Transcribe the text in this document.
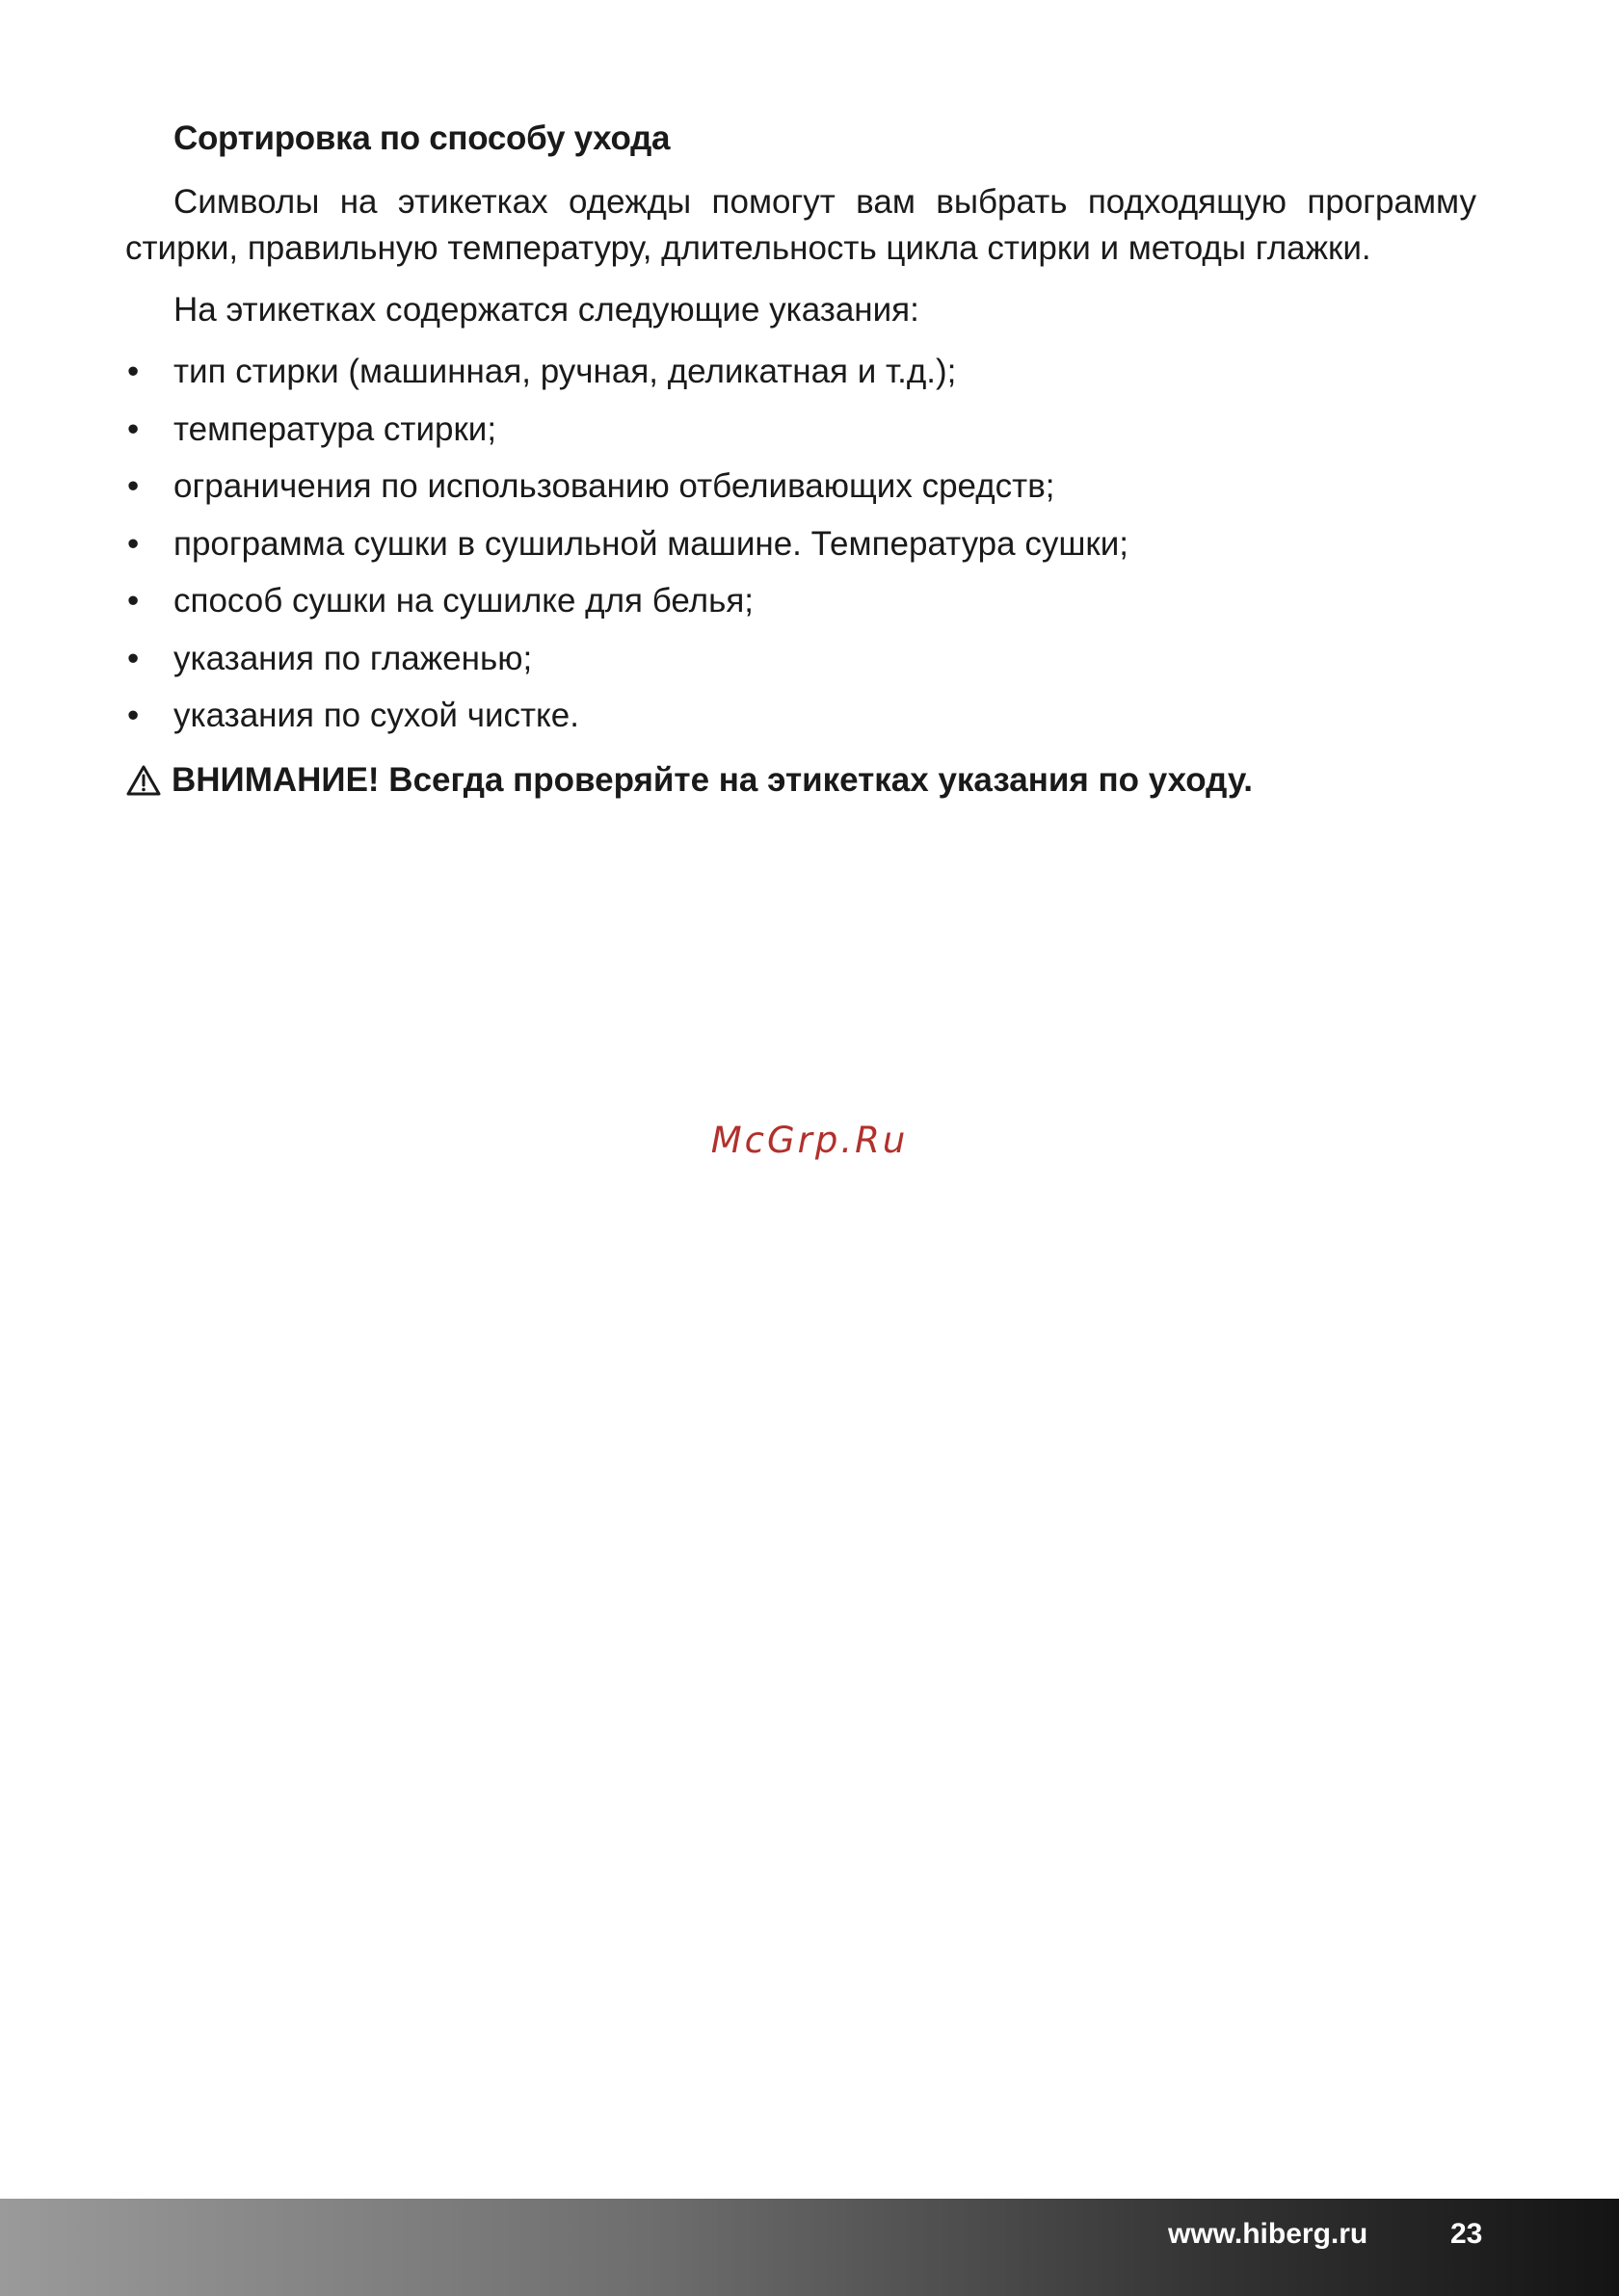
Сортировка по способу ухода

Символы на этикетках одежды помогут вам выбрать подходящую программу стирки, правильную температуру, длительность цикла стирки и методы глажки.

На этикетках содержатся следующие указания:

• тип стирки (машинная, ручная, деликатная и т.д.);
• температура стирки;
• ограничения по использованию отбеливающих средств;
• программа сушки в сушильной машине. Температура сушки;
• способ сушки на сушилке для белья;
• указания по глаженью;
• указания по сухой чистке.

ВНИМАНИЕ! Всегда проверяйте на этикетках указания по уходу.

McGrp.Ru
www.hiberg.ru	23
